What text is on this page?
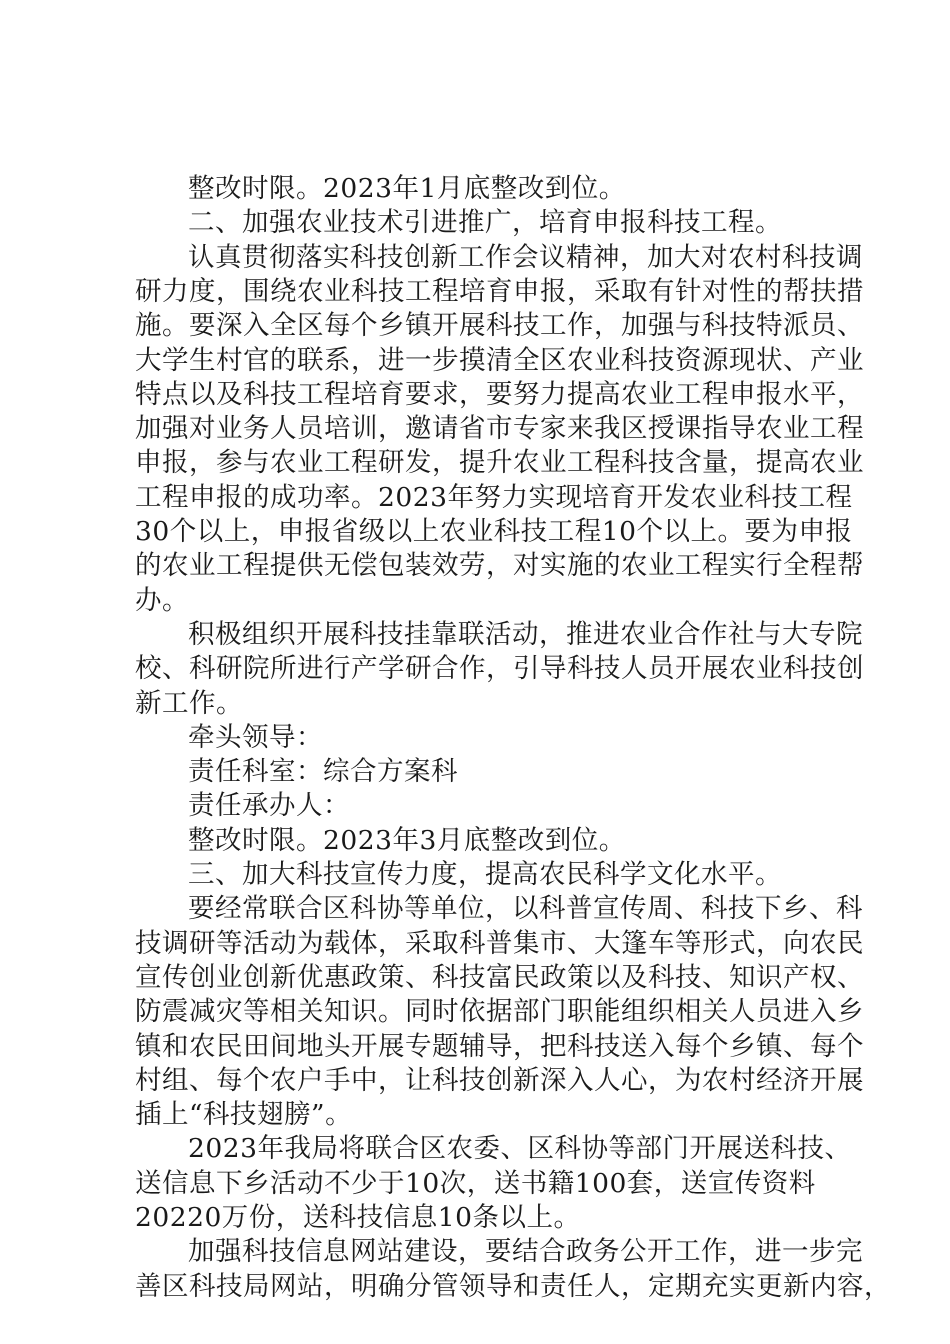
整改时限。2023年1月底整改到位。
二、加强农业技术引进推广，培育申报科技工程。
认真贯彻落实科技创新工作会议精神，加大对农村科技调
研力度，围绕农业科技工程培育申报，采取有针对性的帮扶措
施。要深入全区每个乡镇开展科技工作，加强与科技特派员、
大学生村官的联系，进一步摸清全区农业科技资源现状、产业
特点以及科技工程培育要求，要努力提高农业工程申报水平，
加强对业务人员培训，邀请省市专家来我区授课指导农业工程
申报，参与农业工程研发，提升农业工程科技含量，提高农业
工程申报的成功率。2023年努力实现培育开发农业科技工程
30个以上，申报省级以上农业科技工程10个以上。要为申报
的农业工程提供无偿包装效劳，对实施的农业工程实行全程帮
办。
积极组织开展科技挂靠联活动，推进农业合作社与大专院
校、科研院所进行产学研合作，引导科技人员开展农业科技创
新工作。
牵头领导：
责任科室：综合方案科
责任承办人：
整改时限。2023年3月底整改到位。
三、加大科技宣传力度，提高农民科学文化水平。
要经常联合区科协等单位，以科普宣传周、科技下乡、科
技调研等活动为载体，采取科普集市、大篷车等形式，向农民
宣传创业创新优惠政策、科技富民政策以及科技、知识产权、
防震减灾等相关知识。同时依据部门职能组织相关人员进入乡
镇和农民田间地头开展专题辅导，把科技送入每个乡镇、每个
村组、每个农户手中，让科技创新深入人心，为农村经济开展
插上“科技翅膀”。
2023年我局将联合区农委、区科协等部门开展送科技、
送信息下乡活动不少于10次，送书籍100套，送宣传资料
20220万份，送科技信息10条以上。
加强科技信息网站建设，要结合政务公开工作，进一步完
善区科技局网站，明确分管领导和责任人，定期充实更新内容，
